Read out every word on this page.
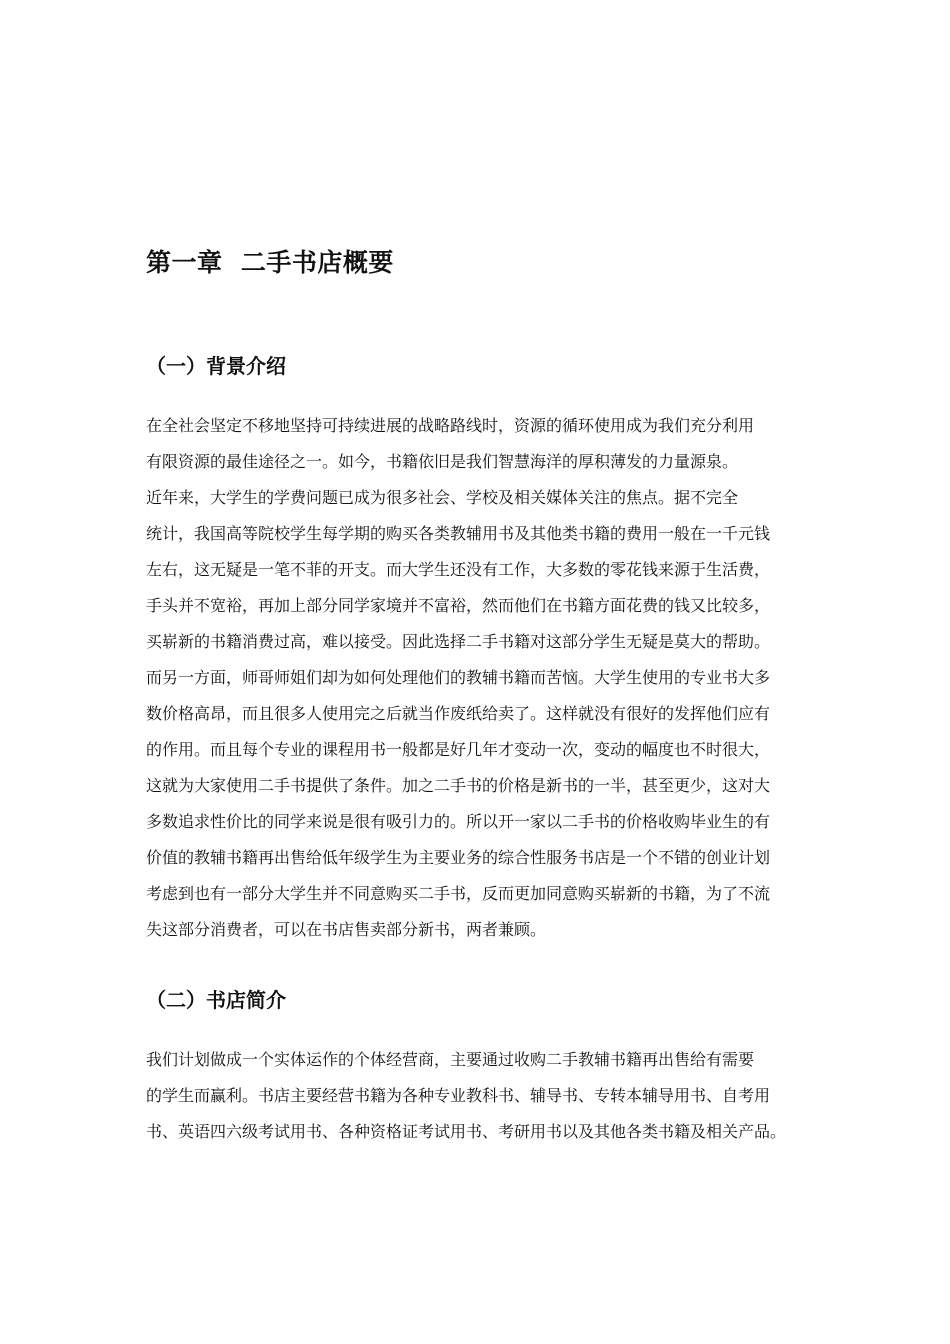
第一章  二手书店概要
（一）背景介绍
在全社会坚定不移地坚持可持续进展的战略路线时，资源的循环使用成为我们充分利用
有限资源的最佳途径之一。如今，书籍依旧是我们智慧海洋的厚积薄发的力量源泉。
近年来，大学生的学费问题已成为很多社会、学校及相关媒体关注的焦点。据不完全
统计，我国高等院校学生每学期的购买各类教辅用书及其他类书籍的费用一般在一千元钱
左右，这无疑是一笔不菲的开支。而大学生还没有工作，大多数的零花钱来源于生活费，
手头并不宽裕，再加上部分同学家境并不富裕，然而他们在书籍方面花费的钱又比较多，
买崭新的书籍消费过高，难以接受。因此选择二手书籍对这部分学生无疑是莫大的帮助。
而另一方面，师哥师姐们却为如何处理他们的教辅书籍而苦恼。大学生使用的专业书大多
数价格高昂，而且很多人使用完之后就当作废纸给卖了。这样就没有很好的发挥他们应有
的作用。而且每个专业的课程用书一般都是好几年才变动一次，变动的幅度也不时很大，
这就为大家使用二手书提供了条件。加之二手书的价格是新书的一半，甚至更少，这对大
多数追求性价比的同学来说是很有吸引力的。所以开一家以二手书的价格收购毕业生的有
价值的教辅书籍再出售给低年级学生为主要业务的综合性服务书店是一个不错的创业计划
考虑到也有一部分大学生并不同意购买二手书，反而更加同意购买崭新的书籍，为了不流
失这部分消费者，可以在书店售卖部分新书，两者兼顾。
（二）书店简介
我们计划做成一个实体运作的个体经营商，主要通过收购二手教辅书籍再出售给有需要
的学生而赢利。书店主要经营书籍为各种专业教科书、辅导书、专转本辅导用书、自考用
书、英语四六级考试用书、各种资格证考试用书、考研用书以及其他各类书籍及相关产品。
